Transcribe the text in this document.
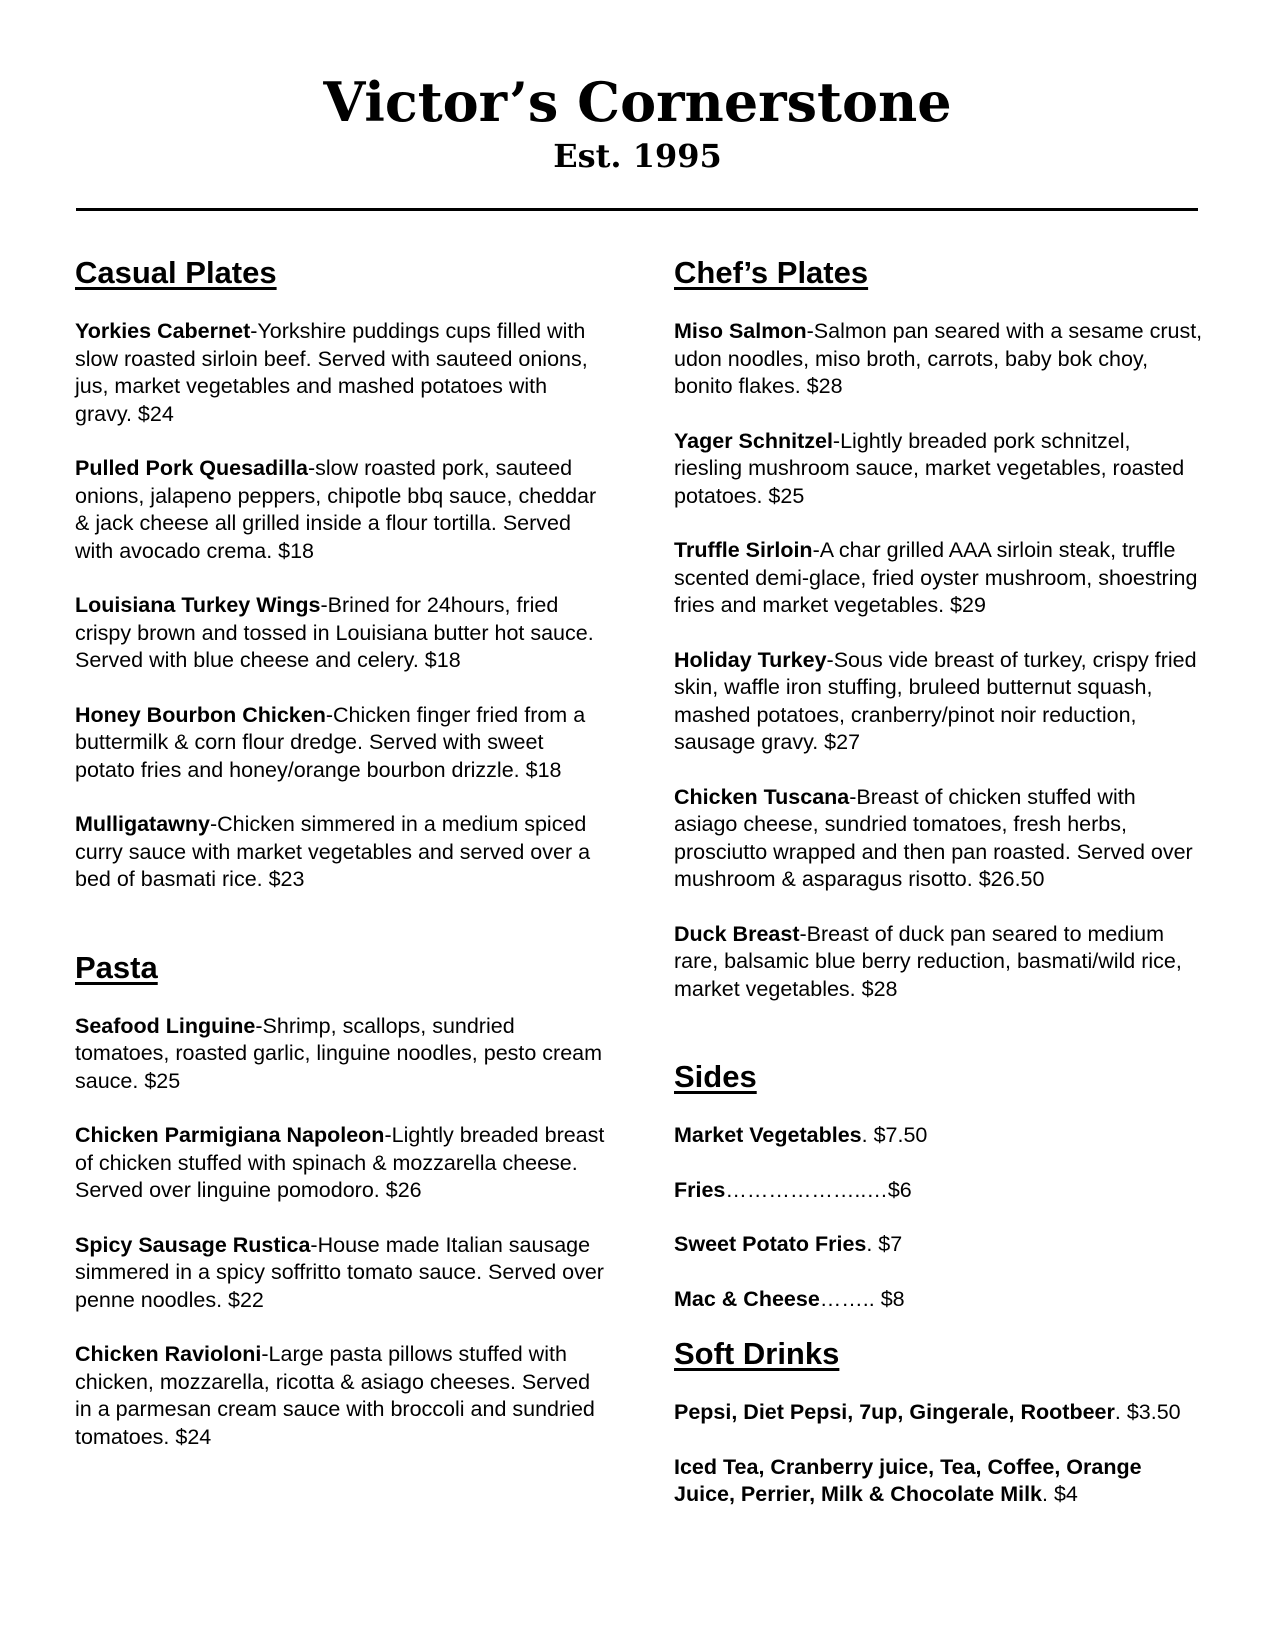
Victor’s Cornerstone
Est. 1995
Casual Plates
Yorkies Cabernet-Yorkshire puddings cups filled with slow roasted sirloin beef. Served with sauteed onions, jus, market vegetables and mashed potatoes with gravy. $24
Pulled Pork Quesadilla-slow roasted pork, sauteed onions, jalapeno peppers, chipotle bbq sauce, cheddar & jack cheese all grilled inside a flour tortilla. Served with avocado crema. $18
Louisiana Turkey Wings-Brined for 24hours, fried crispy brown and tossed in Louisiana butter hot sauce. Served with blue cheese and celery. $18
Honey Bourbon Chicken-Chicken finger fried from a buttermilk & corn flour dredge. Served with sweet potato fries and honey/orange bourbon drizzle. $18
Mulligatawny-Chicken simmered in a medium spiced curry sauce with market vegetables and served over a bed of basmati rice. $23
Pasta
Seafood Linguine-Shrimp, scallops, sundried tomatoes, roasted garlic, linguine noodles, pesto cream sauce. $25
Chicken Parmigiana Napoleon-Lightly breaded breast of chicken stuffed with spinach & mozzarella cheese. Served over linguine pomodoro. $26
Spicy Sausage Rustica-House made Italian sausage simmered in a spicy soffritto tomato sauce. Served over penne noodles. $22
Chicken Ravioloni-Large pasta pillows stuffed with chicken, mozzarella, ricotta & asiago cheeses. Served in a parmesan cream sauce with broccoli and sundried tomatoes. $24
Chef’s Plates
Miso Salmon-Salmon pan seared with a sesame crust, udon noodles, miso broth, carrots, baby bok choy, bonito flakes. $28
Yager Schnitzel-Lightly breaded pork schnitzel, riesling mushroom sauce, market vegetables, roasted potatoes. $25
Truffle Sirloin-A char grilled AAA sirloin steak, truffle scented demi-glace, fried oyster mushroom, shoestring fries and market vegetables. $29
Holiday Turkey-Sous vide breast of turkey, crispy fried skin, waffle iron stuffing, bruleed butternut squash, mashed potatoes, cranberry/pinot noir reduction, sausage gravy. $27
Chicken Tuscana-Breast of chicken stuffed with asiago cheese, sundried tomatoes, fresh herbs, prosciutto wrapped and then pan roasted. Served over mushroom & asparagus risotto. $26.50
Duck Breast-Breast of duck pan seared to medium rare, balsamic blue berry reduction, basmati/wild rice, market vegetables. $28
Sides
Market Vegetables. $7.50
Fries………………..…$6
Sweet Potato Fries. $7
Mac & Cheese…….. $8
Soft Drinks
Pepsi, Diet Pepsi, 7up, Gingerale, Rootbeer. $3.50
Iced Tea, Cranberry juice, Tea, Coffee, Orange Juice, Perrier, Milk & Chocolate Milk. $4
